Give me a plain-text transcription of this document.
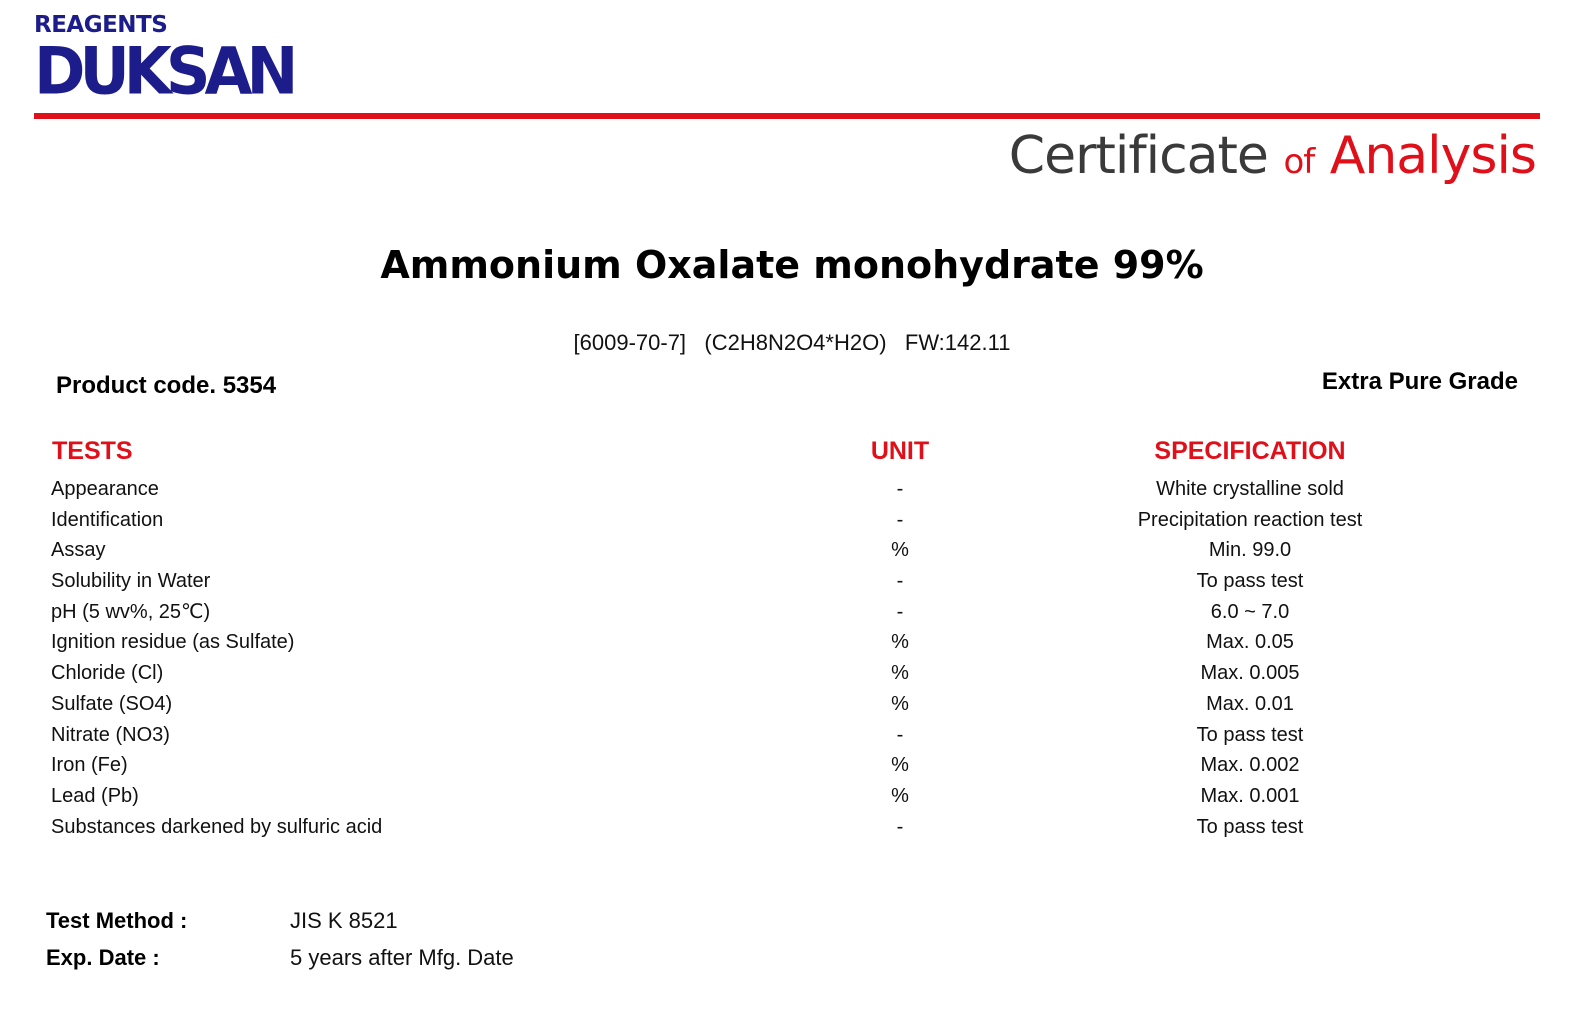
REAGENTS
DUKSAN
Certificate of Analysis
Ammonium Oxalate monohydrate 99%
[6009-70-7]   (C2H8N2O4*H2O)   FW:142.11
Product code. 5354	Extra Pure Grade
TESTS	UNIT	SPECIFICATION
Appearance	-	White crystalline sold
Identification	-	Precipitation reaction test
Assay	%	Min. 99.0
Solubility in Water	-	To pass test
pH (5 wv%, 25℃)	-	6.0 ~ 7.0
Ignition residue (as Sulfate)	%	Max. 0.05
Chloride (Cl)	%	Max. 0.005
Sulfate (SO4)	%	Max. 0.01
Nitrate (NO3)	-	To pass test
Iron (Fe)	%	Max. 0.002
Lead (Pb)	%	Max. 0.001
Substances darkened by sulfuric acid	-	To pass test
Test Method :	JIS K 8521
Exp. Date :	5 years after Mfg. Date
